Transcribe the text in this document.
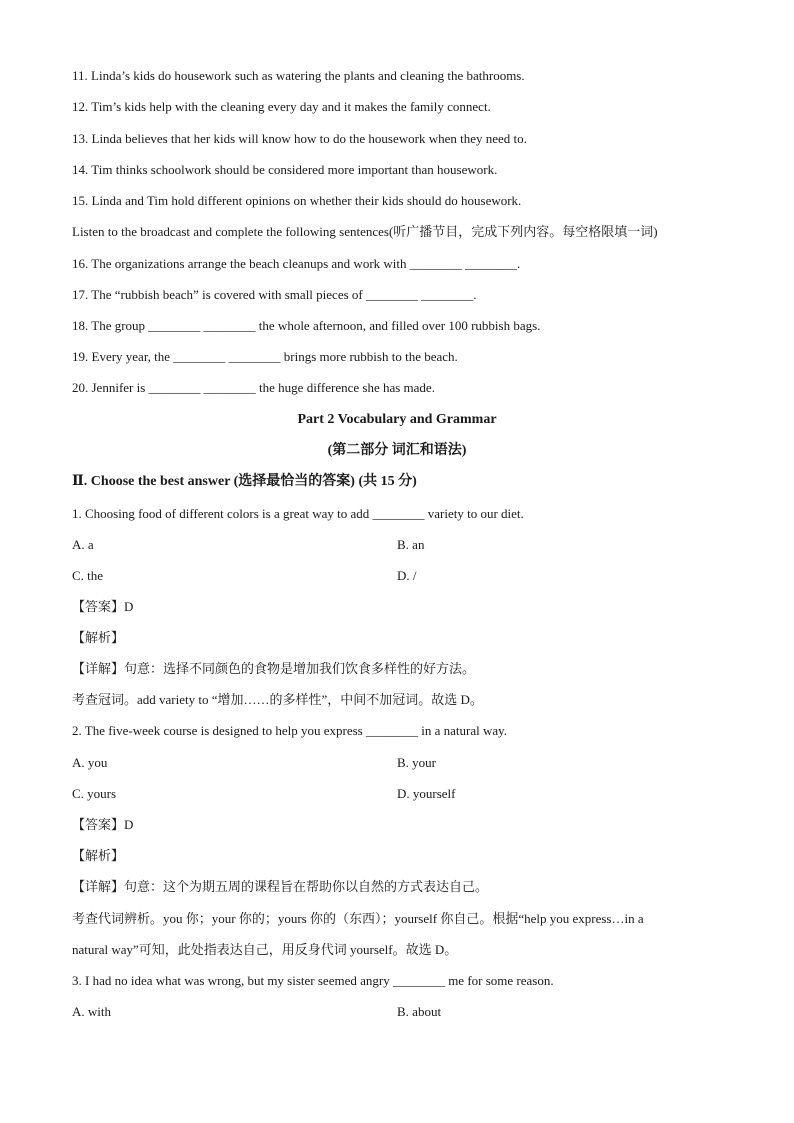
11. Linda’s kids do housework such as watering the plants and cleaning the bathrooms.
12. Tim’s kids help with the cleaning every day and it makes the family connect.
13. Linda believes that her kids will know how to do the housework when they need to.
14. Tim thinks schoolwork should be considered more important than housework.
15. Linda and Tim hold different opinions on whether their kids should do housework.
Listen to the broadcast and complete the following sentences(听广播节目，完成下列内容。每空格限填一词)
16. The organizations arrange the beach cleanups and work with ________ ________.
17. The “rubbish beach” is covered with small pieces of ________ ________.
18. The group ________ ________ the whole afternoon, and filled over 100 rubbish bags.
19. Every year, the ________ ________ brings more rubbish to the beach.
20. Jennifer is ________ ________ the huge difference she has made.
Part 2 Vocabulary and Grammar
(第二部分 词汇和语法)
Ⅱ. Choose the best answer (选择最恰当的答案) (共 15 分)
1. Choosing food of different colors is a great way to add ________ variety to our diet.
A. a	B. an
C. the	D. /
【答案】D
【解析】
【详解】句意：选择不同颜色的食物是增加我们饮食多样性的好方法。
考查冠词。add variety to “增加……的多样性”，中间不加冠词。故选 D。
2. The five-week course is designed to help you express ________ in a natural way.
A. you	B. your
C. yours	D. yourself
【答案】D
【解析】
【详解】句意：这个为期五周的课程旨在帮助你以自然的方式表达自己。
考查代词辨析。you 你；your 你的；yours 你的（东西）；yourself 你自己。根据“help you express…in a
natural way”可知，此处指表达自己，用反身代词 yourself。故选 D。
3. I had no idea what was wrong, but my sister seemed angry ________ me for some reason.
A. with	B. about
